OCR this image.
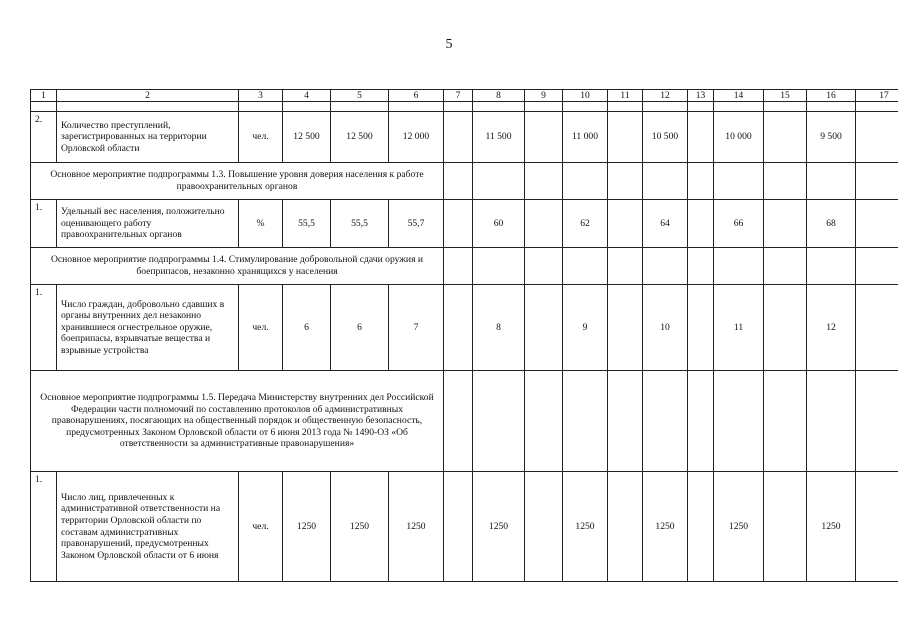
5
1	2	3	4	5	6	7	8	9	10	11	12	13	14	15	16	17

2.	Количество преступлений, зарегистрированных на территории Орловской области	чел.	12 500	12 500	12 000		11 500		11 000		10 500		10 000		9 500	
Основное мероприятие подпрограммы 1.3. Повышение уровня доверия населения к работе правоохранительных органов																
1.	Удельный вес населения, положительно оценивающего работу правоохранительных органов	%	55,5	55,5	55,7		60		62		64		66		68	
Основное мероприятие подпрограммы 1.4. Стимулирование добровольной сдачи оружия и боеприпасов, незаконно хранящихся у населения																
1.	Число граждан, добровольно сдавших в органы внутренних дел незаконно хранившиеся огнестрельное оружие, боеприпасы, взрывчатые вещества и взрывные устройства	чел.	6	6	7		8		9		10		11		12	
Основное мероприятие подпрограммы 1.5. Передача Министерству внутренних дел Российской Федерации части полномочий по составлению протоколов об административных правонарушениях, посягающих на общественный порядок и общественную безопасность, предусмотренных Законом Орловской области от 6 июня 2013 года № 1490-ОЗ «Об ответственности за административные правонарушения»																
1.	Число лиц, привлеченных к административной ответственности на территории Орловской области по составам административных правонарушений, предусмотренных Законом Орловской области от 6 июня	чел.	1250	1250	1250		1250		1250		1250		1250		1250	
